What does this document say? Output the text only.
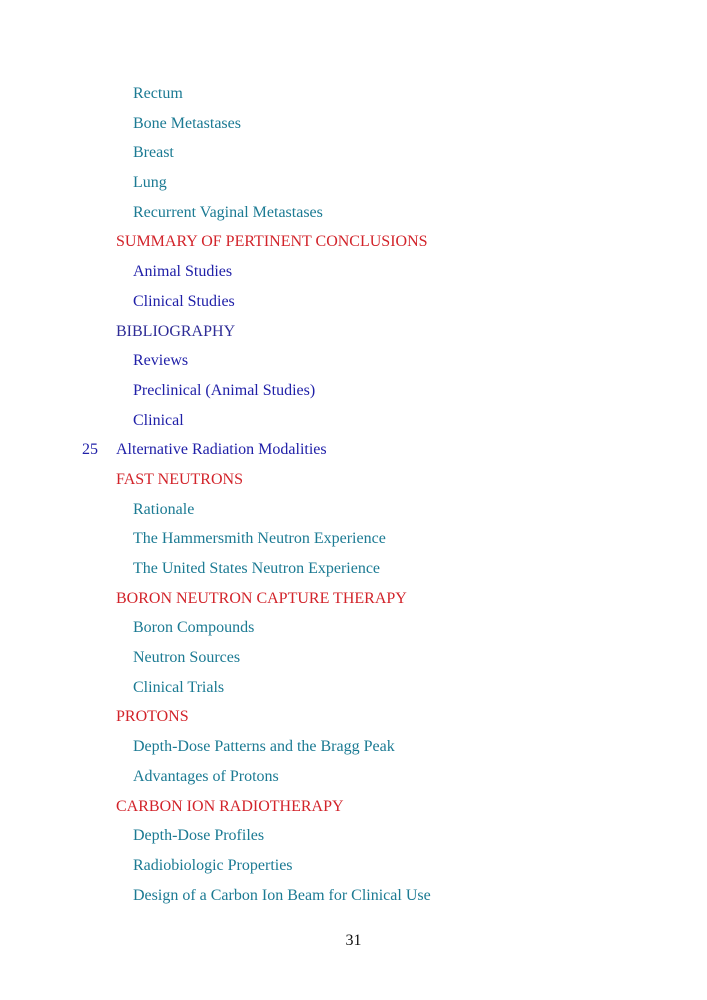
Rectum
Bone Metastases
Breast
Lung
Recurrent Vaginal Metastases
SUMMARY OF PERTINENT CONCLUSIONS
Animal Studies
Clinical Studies
BIBLIOGRAPHY
Reviews
Preclinical (Animal Studies)
Clinical
25 Alternative Radiation Modalities
FAST NEUTRONS
Rationale
The Hammersmith Neutron Experience
The United States Neutron Experience
BORON NEUTRON CAPTURE THERAPY
Boron Compounds
Neutron Sources
Clinical Trials
PROTONS
Depth-Dose Patterns and the Bragg Peak
Advantages of Protons
CARBON ION RADIOTHERAPY
Depth-Dose Profiles
Radiobiologic Properties
Design of a Carbon Ion Beam for Clinical Use
31
